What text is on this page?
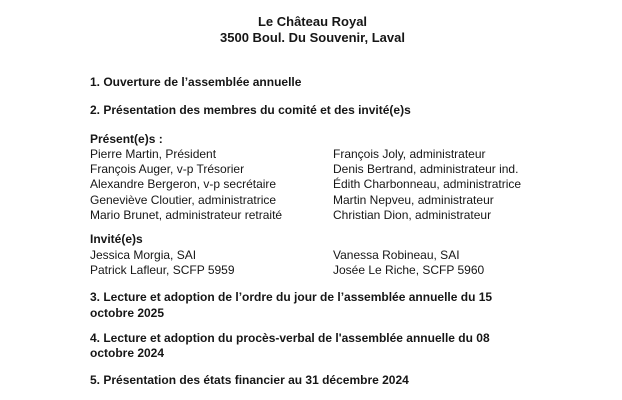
Le Château Royal
3500 Boul. Du Souvenir, Laval

1. Ouverture de l’assemblée annuelle

2. Présentation des membres du comité et des invité(e)s

Présent(e)s :
Pierre Martin, Président
François Auger, v-p Trésorier
Alexandre Bergeron, v-p secrétaire
Geneviève Cloutier, administratrice
Mario Brunet, administrateur retraité
François Joly, administrateur
Denis Bertrand, administrateur ind.
Édith Charbonneau, administratrice
Martin Nepveu, administrateur
Christian Dion, administrateur
Invité(e)s
Jessica Morgia, SAI
Patrick Lafleur, SCFP 5959
Vanessa Robineau, SAI
Josée Le Riche, SCFP 5960

3. Lecture et adoption de l’ordre du jour de l’assemblée annuelle du 15 octobre 2025

4. Lecture et adoption du procès-verbal de l'assemblée annuelle du 08 octobre 2024

5. Présentation des états financier au 31 décembre 2024
